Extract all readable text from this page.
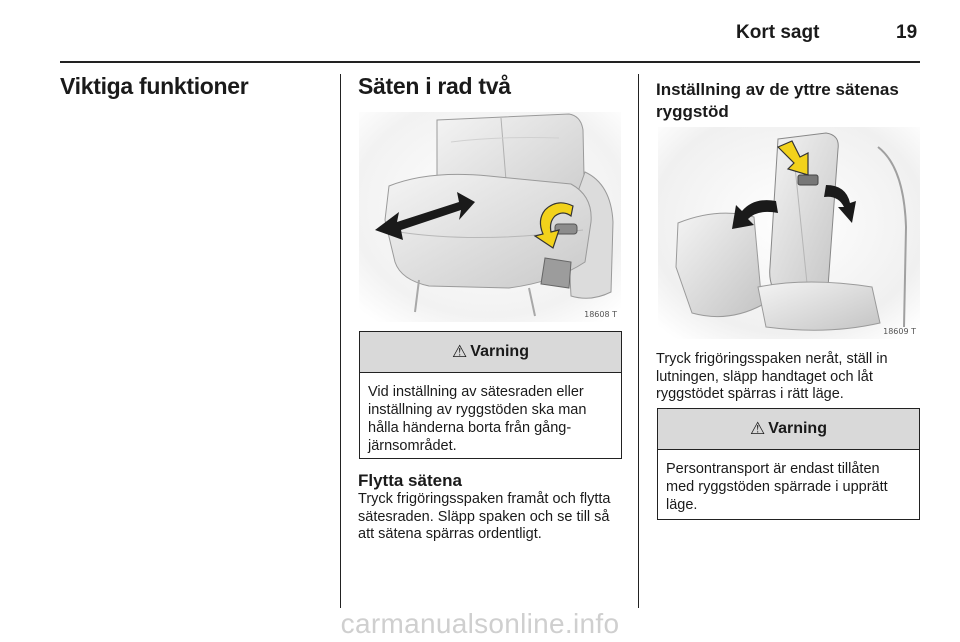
Kort sagt	19
Viktiga funktioner	Säten i rad två
18608 T
⚠ Varning
Vid inställning av sätesraden eller inställning av ryggstöden ska man hålla händerna borta från gång-järnsområdet.
Flytta sätena
Tryck frigöringsspaken framåt och flytta sätesraden. Släpp spaken och se till så att sätena spärras ordentligt.
Inställning av de yttre sätenas ryggstöd
18609 T
Tryck frigöringsspaken neråt, ställ in lutningen, släpp handtaget och låt ryggstödet spärras i rätt läge.
⚠ Varning
Persontransport är endast tillåten med ryggstöden spärrade i upprätt läge.
carmanualsonline.info
